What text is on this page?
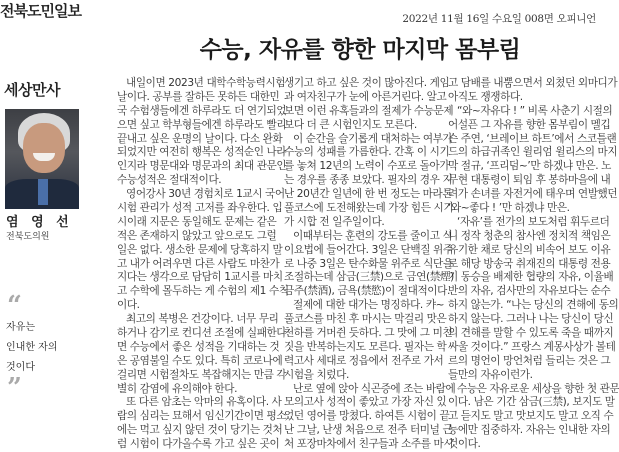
전북도민일보	2022년 11월 16일 수요일 008면 오피니언
수능, 자유를 향한 마지막 몸부림
세상만사
염 영 선
전북도의원
“
자유는
인내한 자의
것이다
”
내일이면 2023년 대학수학능력시험
날이다. 공부를 잘하든 못하든 대한민
국 수험생들에겐 하루라도 더 연기되었
으면 싶고 학부형들에겐 하루라도 빨리
끝내고 싶은 운명의 날이다. 다소 완화
되었지만 여전히 행복은 성적순인 나라
인지라 명문대와 명문과의 최대 관문인
수능성적은 절대적이다.
영어강사 30년 경험치로 1교시 국어
시험 관리가 성적 고저를 좌우한다. 입
시이래 지문은 동일해도 문제는 같은
적은 존재하지 않았고 앞으로도 그럴
일은 없다. 생소한 문제에 당혹하지 말
고 내가 어려우면 다른 사람도 마찬가
지다는 생각으로 담담히 1교시를 마치
고 수학에 몰두하는 게 수험의 제1 수칙
이다.
최고의 복병은 건강이다. 너무 무리
하거나 감기로 컨디션 조절에 실패한다
면 수능에서 좋은 성적을 기대하는 것
은 공염불일 수도 있다. 특히 코로나에
걸리면 시험절차도 복잡해지는 만큼 각
별히 감염에 유의해야 한다.
또 다른 암초는 악마의 유혹이다. 사
람의 심리는 묘해서 임신기간이면 평소
에는 먹고 싶지 않던 것이 당기는 것처
럼 시험이 다가올수록 가고 싶은 곳이
생기고 하고 싶은 것이 많아진다. 게임
과 여자친구가 눈에 아른거린다. 알고
보면 이런 유혹들과의 절제가 수능문제
보다 더 큰 시험인지도 모른다.
이 순간을 슬기롭게 대처하는 여부가
수능의 성패를 가름한다. 간혹 이 시기
를 놓쳐 12년의 노력이 수포로 돌아가
는 경우를 종종 보았다. 필자의 경우 지
난 20년간 일년에 한 번 정도는 마라톤
풀코스에 도전해왔는데 가장 힘든 시기
가 시합 전 일주일이다.
이때부터는 훈련의 강도를 줄이고 식
이요법에 들어간다. 3일은 단백질 위주
로 나중 3일은 탄수화물 위주로 식단을
조절하는데 삼금(三禁)으로 금연(禁煙)
금주(禁酒), 금욕(禁慾)이 절대적이다.
절제에 대한 대가는 명징하다. 캬~
풀코스를 마친 후 마시는 막걸리 맛은
천하를 거머쥔 듯하다. 그 맛에 그 미친
짓을 반복하는지도 모른다. 필자는 학
력고사 세대로 정읍에서 전주로 가서
시험을 치렀다.
난로 옆에 앉아 식곤증에 조는 바람에
모의고사 성적이 좋았고 가장 자신 있
었던 영어를 망쳤다. 하여튼 시험이 끝
난 그날, 난생 처음으로 전주 터미널 근
처 포장마차에서 친구들과 소주를 마시
고 담배를 내뿜으면서 외쳤던 외마디가
아직도 쟁쟁하다.
“와~자유다 ! ” 비록 사춘기 시절의
어설픈 그 자유를 향한 몸부림이 멜깁
슨 주연, ‘브레이브 하트’에서 스코틀랜
드의 하급귀족인 윌리엄 윌리스의 마지
막 절규, ‘프리덤~’만 하겠냐 만은. 노
무현 대통령이 퇴임 후 봉하마을에 내
려가 손녀를 자전거에 태우며 연발했던
‘와~좋다 ! ’만 하겠냐 만은.
‘자유’를 전가의 보도처럼 휘두르더
니 정작 청춘의 참사엔 정치적 책임은
유기한 채로 당신의 비속어 보도 이유
로 해당 방송국 취재진의 대통령 전용
기 동승을 배제한 협량의 자유, 이율배
반의 자유, 검사만의 자유보다는 순수
하지 않는가. “나는 당신의 견해에 동의
하지 않는다. 그러나 나는 당신이 당신
의 견해를 말할 수 있도록 죽을 때까지
싸울 것이다.” 프랑스 계몽사상가 볼테
르의 명언이 망언처럼 들리는 것은 그
들만의 자유이런가.
수능은 자유로운 세상을 향한 첫 관문
이다. 남은 기간 삼금(三禁), 보지도 말
고 듣지도 말고 맛보지도 말고 오직 수
능에만 집중하자. 자유는 인내한 자의
것이다.
